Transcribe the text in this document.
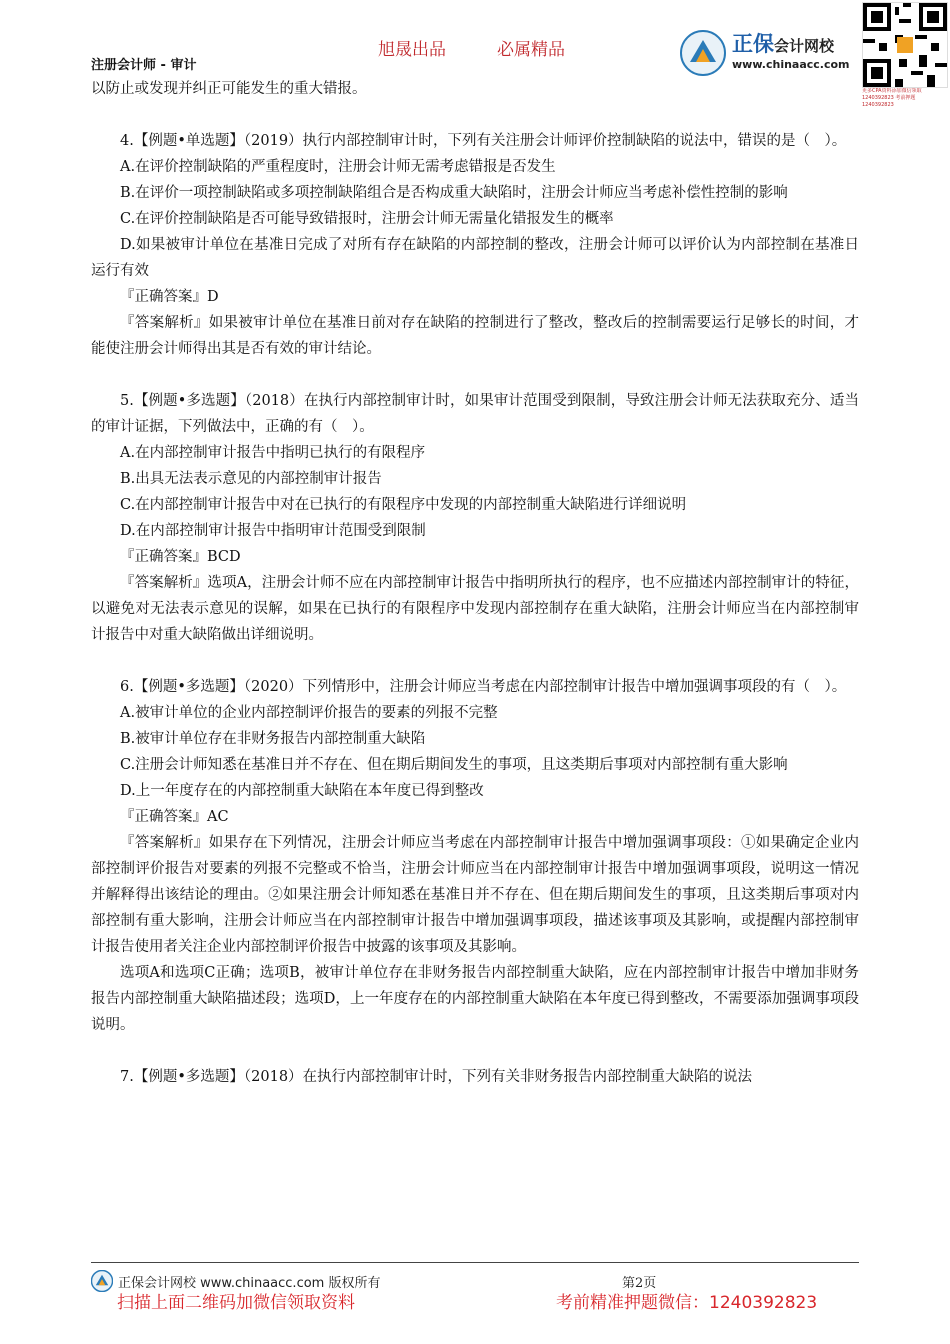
旭晟出品	必属精品
注册会计师 - 审计
正保会计网校
www.chinaacc.com
更多CPA资料添加微信领取 1240392823 考前押题 1240392823

以防止或发现并纠正可能发生的重大错报。

4.【例题•单选题】（2019）执行内部控制审计时，下列有关注册会计师评价控制缺陷的说法中，错误的是（　）。

A.在评价控制缺陷的严重程度时，注册会计师无需考虑错报是否发生

B.在评价一项控制缺陷或多项控制缺陷组合是否构成重大缺陷时，注册会计师应当考虑补偿性控制的影响

C.在评价控制缺陷是否可能导致错报时，注册会计师无需量化错报发生的概率

D.如果被审计单位在基准日完成了对所有存在缺陷的内部控制的整改，注册会计师可以评价认为内部控制在基准日运行有效

『正确答案』D

『答案解析』如果被审计单位在基准日前对存在缺陷的控制进行了整改，整改后的控制需要运行足够长的时间，才能使注册会计师得出其是否有效的审计结论。

5.【例题•多选题】（2018）在执行内部控制审计时，如果审计范围受到限制，导致注册会计师无法获取充分、适当的审计证据，下列做法中，正确的有（　）。

A.在内部控制审计报告中指明已执行的有限程序

B.出具无法表示意见的内部控制审计报告

C.在内部控制审计报告中对在已执行的有限程序中发现的内部控制重大缺陷进行详细说明

D.在内部控制审计报告中指明审计范围受到限制

『正确答案』BCD

『答案解析』选项A，注册会计师不应在内部控制审计报告中指明所执行的程序，也不应描述内部控制审计的特征，以避免对无法表示意见的误解，如果在已执行的有限程序中发现内部控制存在重大缺陷，注册会计师应当在内部控制审计报告中对重大缺陷做出详细说明。

6.【例题•多选题】（2020）下列情形中，注册会计师应当考虑在内部控制审计报告中增加强调事项段的有（　）。

A.被审计单位的企业内部控制评价报告的要素的列报不完整

B.被审计单位存在非财务报告内部控制重大缺陷

C.注册会计师知悉在基准日并不存在、但在期后期间发生的事项，且这类期后事项对内部控制有重大影响

D.上一年度存在的内部控制重大缺陷在本年度已得到整改

『正确答案』AC

『答案解析』如果存在下列情况，注册会计师应当考虑在内部控制审计报告中增加强调事项段：①如果确定企业内部控制评价报告对要素的列报不完整或不恰当，注册会计师应当在内部控制审计报告中增加强调事项段，说明这一情况并解释得出该结论的理由。②如果注册会计师知悉在基准日并不存在、但在期后期间发生的事项，且这类期后事项对内部控制有重大影响，注册会计师应当在内部控制审计报告中增加强调事项段，描述该事项及其影响，或提醒内部控制审计报告使用者关注企业内部控制评价报告中披露的该事项及其影响。

选项A和选项C正确；选项B，被审计单位存在非财务报告内部控制重大缺陷，应在内部控制审计报告中增加非财务报告内部控制重大缺陷描述段；选项D，上一年度存在的内部控制重大缺陷在本年度已得到整改，不需要添加强调事项段说明。

7.【例题•多选题】（2018）在执行内部控制审计时，下列有关非财务报告内部控制重大缺陷的说法

正保会计网校 www.chinaacc.com 版权所有	第2页
扫描上面二维码加微信领取资料	考前精准押题微信：1240392823
